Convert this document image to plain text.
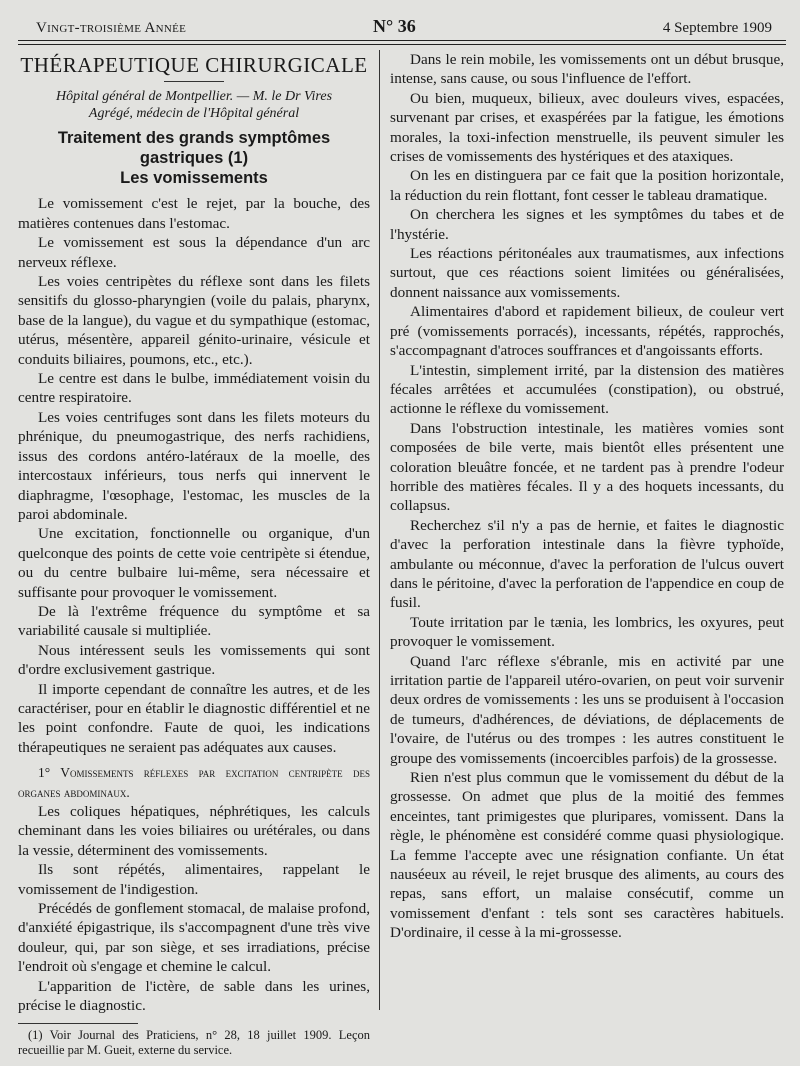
Vingt-troisième Année	N° 36	4 Septembre 1909
THÉRAPEUTIQUE CHIRURGICALE
Hôpital général de Montpellier. — M. le Dr Vires
Agrégé, médecin de l'Hôpital général
Traitement des grands symptômes gastriques (1)
Les vomissements

Le vomissement c'est le rejet, par la bouche, des matières contenues dans l'estomac.

Le vomissement est sous la dépendance d'un arc nerveux réflexe.

Les voies centripètes du réflexe sont dans les filets sensitifs du glosso-pharyngien (voile du palais, pharynx, base de la langue), du vague et du sympathique (estomac, utérus, mésentère, appareil génito-urinaire, vésicule et conduits biliaires, poumons, etc., etc.).

Le centre est dans le bulbe, immédiatement voisin du centre respiratoire.

Les voies centrifuges sont dans les filets moteurs du phrénique, du pneumogastrique, des nerfs rachidiens, issus des cordons antéro-latéraux de la moelle, des intercostaux inférieurs, tous nerfs qui innervent le diaphragme, l'œsophage, l'estomac, les muscles de la paroi abdominale.

Une excitation, fonctionnelle ou organique, d'un quelconque des points de cette voie centripète si étendue, ou du centre bulbaire lui-même, sera nécessaire et suffisante pour provoquer le vomissement.

De là l'extrême fréquence du symptôme et sa variabilité causale si multipliée.

Nous intéressent seuls les vomissements qui sont d'ordre exclusivement gastrique.

Il importe cependant de connaître les autres, et de les caractériser, pour en établir le diagnostic différentiel et ne les point confondre. Faute de quoi, les indications thérapeutiques ne seraient pas adéquates aux causes.

1° Vomissements réflexes par excitation centripète des organes abdominaux.

Les coliques hépatiques, néphrétiques, les calculs cheminant dans les voies biliaires ou urétérales, ou dans la vessie, déterminent des vomissements.

Ils sont répétés, alimentaires, rappelant le vomissement de l'indigestion.

Précédés de gonflement stomacal, de malaise profond, d'anxiété épigastrique, ils s'accompagnent d'une très vive douleur, qui, par son siège, et ses irradiations, précise l'endroit où s'engage et chemine le calcul.

L'apparition de l'ictère, de sable dans les urines, précise le diagnostic.

(1) Voir Journal des Praticiens, n° 28, 18 juillet 1909. Leçon recueillie par M. Gueit, externe du service.

Dans le rein mobile, les vomissements ont un début brusque, intense, sans cause, ou sous l'influence de l'effort.

Ou bien, muqueux, bilieux, avec douleurs vives, espacées, survenant par crises, et exaspérées par la fatigue, les émotions morales, la toxi-infection menstruelle, ils peuvent simuler les crises de vomissements des hystériques et des ataxiques.

On les en distinguera par ce fait que la position horizontale, la réduction du rein flottant, font cesser le tableau dramatique.

On cherchera les signes et les symptômes du tabes et de l'hystérie.

Les réactions péritonéales aux traumatismes, aux infections surtout, que ces réactions soient limitées ou généralisées, donnent naissance aux vomissements.

Alimentaires d'abord et rapidement bilieux, de couleur vert pré (vomissements porracés), incessants, répétés, rapprochés, s'accompagnant d'atroces souffrances et d'angoissants efforts.

L'intestin, simplement irrité, par la distension des matières fécales arrêtées et accumulées (constipation), ou obstrué, actionne le réflexe du vomissement.

Dans l'obstruction intestinale, les matières vomies sont composées de bile verte, mais bientôt elles présentent une coloration bleuâtre foncée, et ne tardent pas à prendre l'odeur horrible des matières fécales. Il y a des hoquets incessants, du collapsus.

Recherchez s'il n'y a pas de hernie, et faites le diagnostic d'avec la perforation intestinale dans la fièvre typhoïde, ambulante ou méconnue, d'avec la perforation de l'ulcus ouvert dans le péritoine, d'avec la perforation de l'appendice en coup de fusil.

Toute irritation par le tænia, les lombrics, les oxyures, peut provoquer le vomissement.

Quand l'arc réflexe s'ébranle, mis en activité par une irritation partie de l'appareil utéro-ovarien, on peut voir survenir deux ordres de vomissements : les uns se produisent à l'occasion de tumeurs, d'adhérences, de déviations, de déplacements de l'ovaire, de l'utérus ou des trompes : les autres constituent le groupe des vomissements (incoercibles parfois) de la grossesse.

Rien n'est plus commun que le vomissement du début de la grossesse. On admet que plus de la moitié des femmes enceintes, tant primigestes que pluripares, vomissent. Dans la règle, le phénomène est considéré comme quasi physiologique. La femme l'accepte avec une résignation confiante. Un état nauséeux au réveil, le rejet brusque des aliments, au cours des repas, sans effort, un malaise consécutif, comme un vomissement d'enfant : tels sont ses caractères habituels. D'ordinaire, il cesse à la mi-grossesse.
